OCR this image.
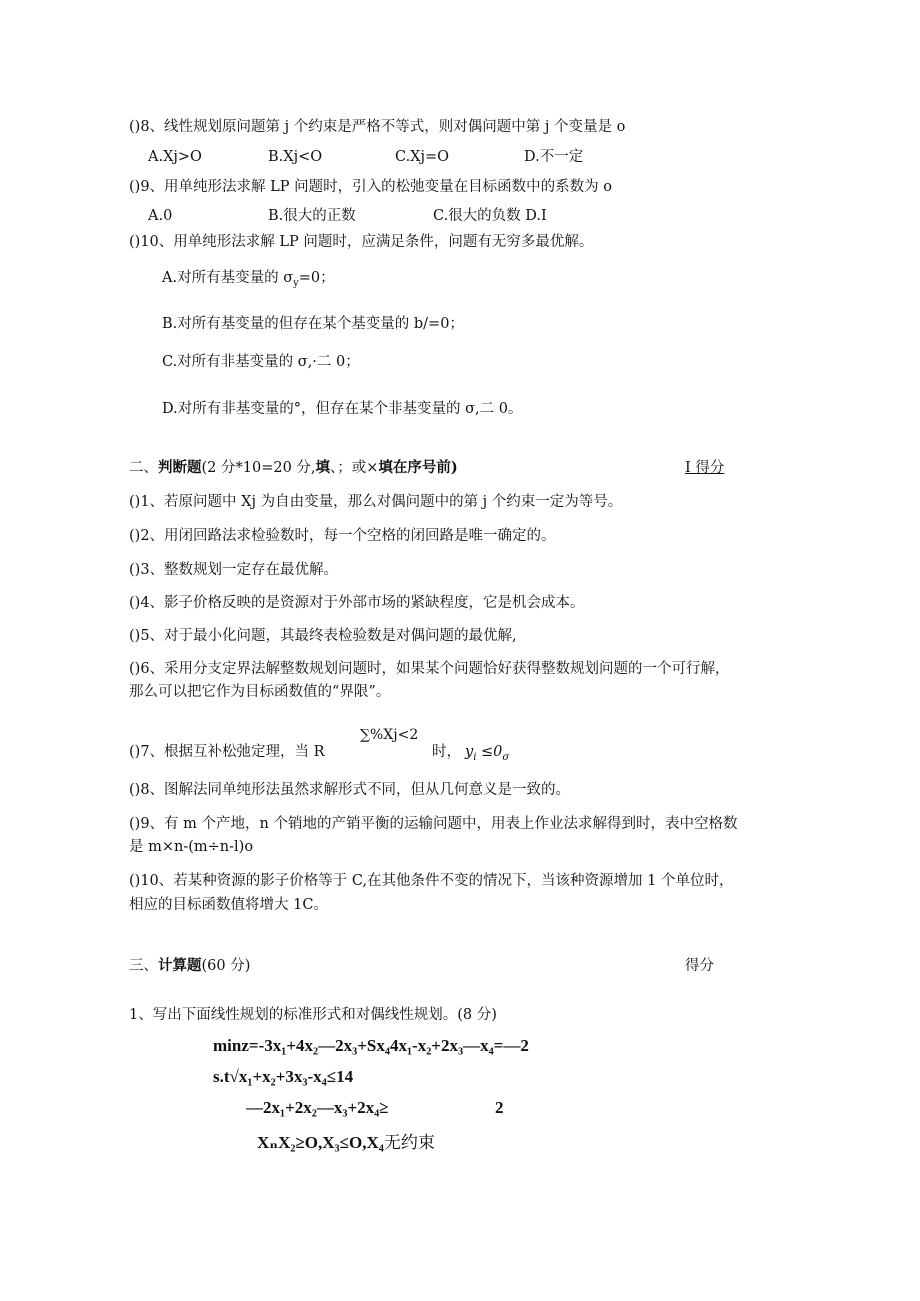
()8、线性规划原问题第 j 个约束是严格不等式，则对偶问题中第 j 个变量是 o
A.Xj>O	B.Xj<O	C.Xj=O	D.不一定
()9、用单纯形法求解 LP 问题时，引入的松弛变量在目标函数中的系数为 o
A.0	B.很大的正数	C.很大的负数 D.I
()10、用单纯形法求解 LP 问题时，应满足条件，问题有无穷多最优解。
A.对所有基变量的 $\sigma_y=0$；
B.对所有基变量的但存在某个基变量的 b/=0；
C.对所有非基变量的 σ,·二 0；
D.对所有非基变量的°，但存在某个非基变量的 σ,二 0。
二、判断题(2 分*10=20 分,填、；或×填在序号前)	I 得分
()1、若原问题中 Xj 为自由变量，那么对偶问题中的第 j 个约束一定为等号。
()2、用闭回路法求检验数时，每一个空格的闭回路是唯一确定的。
()3、整数规划一定存在最优解。
()4、影子价格反映的是资源对于外部市场的紧缺程度，它是机会成本。
()5、对于最小化问题，其最终表检验数是对偶问题的最优解,
()6、采用分支定界法解整数规划问题时，如果某个问题恰好获得整数规划问题的一个可行解，
那么可以把它作为目标函数值的“界限”。
∑%Xj<2
()7、根据互补松弛定理，当 R	时， $y_i \le 0_\sigma$
()8、图解法同单纯形法虽然求解形式不同，但从几何意义是一致的。
()9、有 m 个产地，n 个销地的产销平衡的运输问题中，用表上作业法求解得到时，表中空格数
是 m×n-(m÷n-l)o
()10、若某种资源的影子价格等于 C,在其他条件不变的情况下，当该种资源增加 1 个单位时，
相应的目标函数值将增大 1C。
三、计算题(60 分)	得分
1、写出下面线性规划的标准形式和对偶线性规划。(8 分)
minz=-3x₁+4x₂—2x₃+Sx₄4x₁-x₂+2x₃—x₄=—2
s.t√x₁+x₂+3x₃-x₄≤14
—2x₁+2x₂—x₃+2x₄≥	2
XₙX₂≥O,X₃≤O,X₄无约束
